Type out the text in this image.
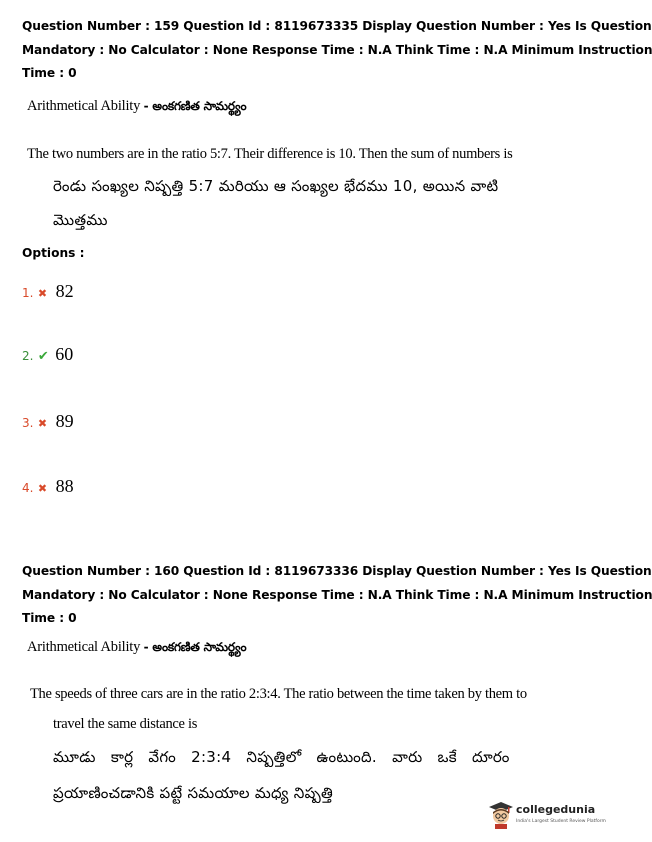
Question Number : 159 Question Id : 8119673335 Display Question Number : Yes Is Question
Mandatory : No Calculator : None Response Time : N.A Think Time : N.A Minimum Instruction
Time : 0
Arithmetical Ability - అంకగణిత సామర్థ్యం
The two numbers are in the ratio 5:7. Their difference is 10. Then the sum of numbers is
రెండు సంఖ్యల నిష్పత్తి 5:7 మరియు ఆ సంఖ్యల భేదము 10, అయిన వాటి
మొత్తము
Options :
1. ✖ 82
2. ✔ 60
3. ✖ 89
4. ✖ 88
Question Number : 160 Question Id : 8119673336 Display Question Number : Yes Is Question
Mandatory : No Calculator : None Response Time : N.A Think Time : N.A Minimum Instruction
Time : 0
Arithmetical Ability - అంకగణిత సామర్థ్యం
The speeds of three cars are in the ratio 2:3:4. The ratio between the time taken by them to
travel the same distance is
మూడు కార్ల వేగం 2:3:4 నిష్పత్తిలో ఉంటుంది. వారు ఒకే దూరం
ప్రయాణించడానికి పట్టే సమయాల మధ్య నిష్పత్తి
collegedunia
India's Largest Student Review Platform
